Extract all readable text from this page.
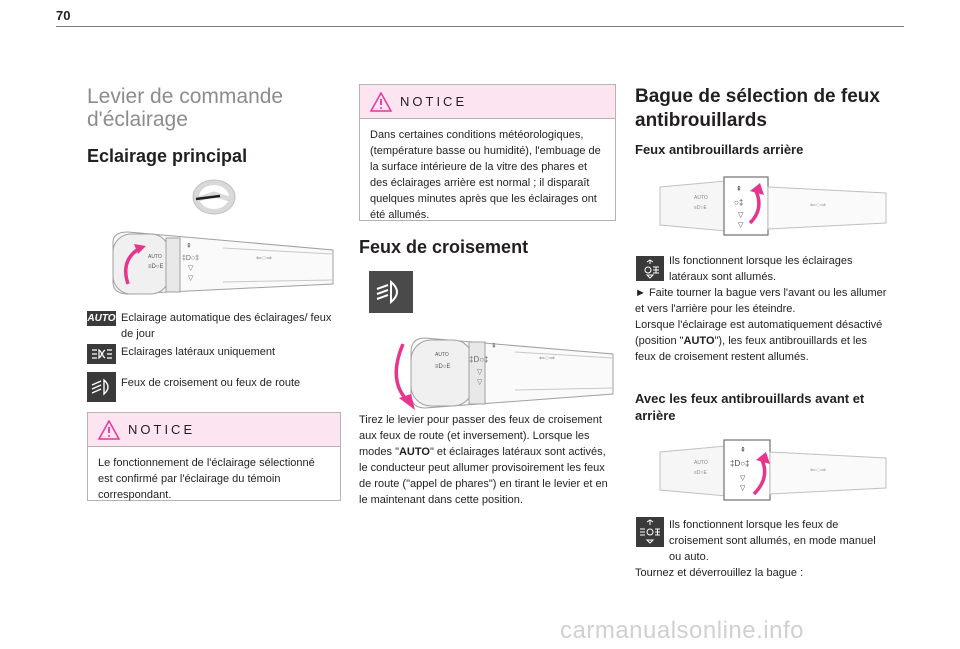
70
Levier de commande d'éclairage
Eclairage principal
AUTO
≡D○E
⇞
‡D○‡
▽
▽
⇐○⇒
AUTO Eclairage automatique des éclairages/ feux de jour
Eclairages latéraux uniquement
Feux de croisement ou feux de route
NOTICE
Le fonctionnement de l'éclairage sélectionné est confirmé par l'éclairage du témoin correspondant.
NOTICE
Dans certaines conditions météorologiques, (température basse ou humidité), l'embuage de la surface intérieure de la vitre des phares et des éclairages arrière est normal ; il disparaît quelques minutes après que les éclairages ont été allumés.
Feux de croisement
AUTO
≡D○E
⇞
‡D○‡
▽
▽
⇐○⇒
Tirez le levier pour passer des feux de croisement aux feux de route (et inversement). Lorsque les modes "AUTO" et éclairages latéraux sont activés, le conducteur peut allumer provisoirement les feux de route ("appel de phares") en tirant le levier et en le maintenant dans cette position.
Bague de sélection de feux antibrouillards
Feux antibrouillards arrière
AUTO
≡D○E
⇞
○‡
▽
▽
⇐○⇒
Ils fonctionnent lorsque les éclairages latéraux sont allumés.
► Faite tourner la bague vers l'avant ou les allumer et vers l'arrière pour les éteindre.
Lorsque l'éclairage est automatiquement désactivé (position "AUTO"), les feux antibrouillards et les feux de croisement restent allumés.
Avec les feux antibrouillards avant et arrière
AUTO
≡D○E
⇞
‡D○‡
▽
▽
⇐○⇒
Ils fonctionnent lorsque les feux de croisement sont allumés, en mode manuel ou auto.
Tournez et déverrouillez la bague :
carmanualsonline.info
